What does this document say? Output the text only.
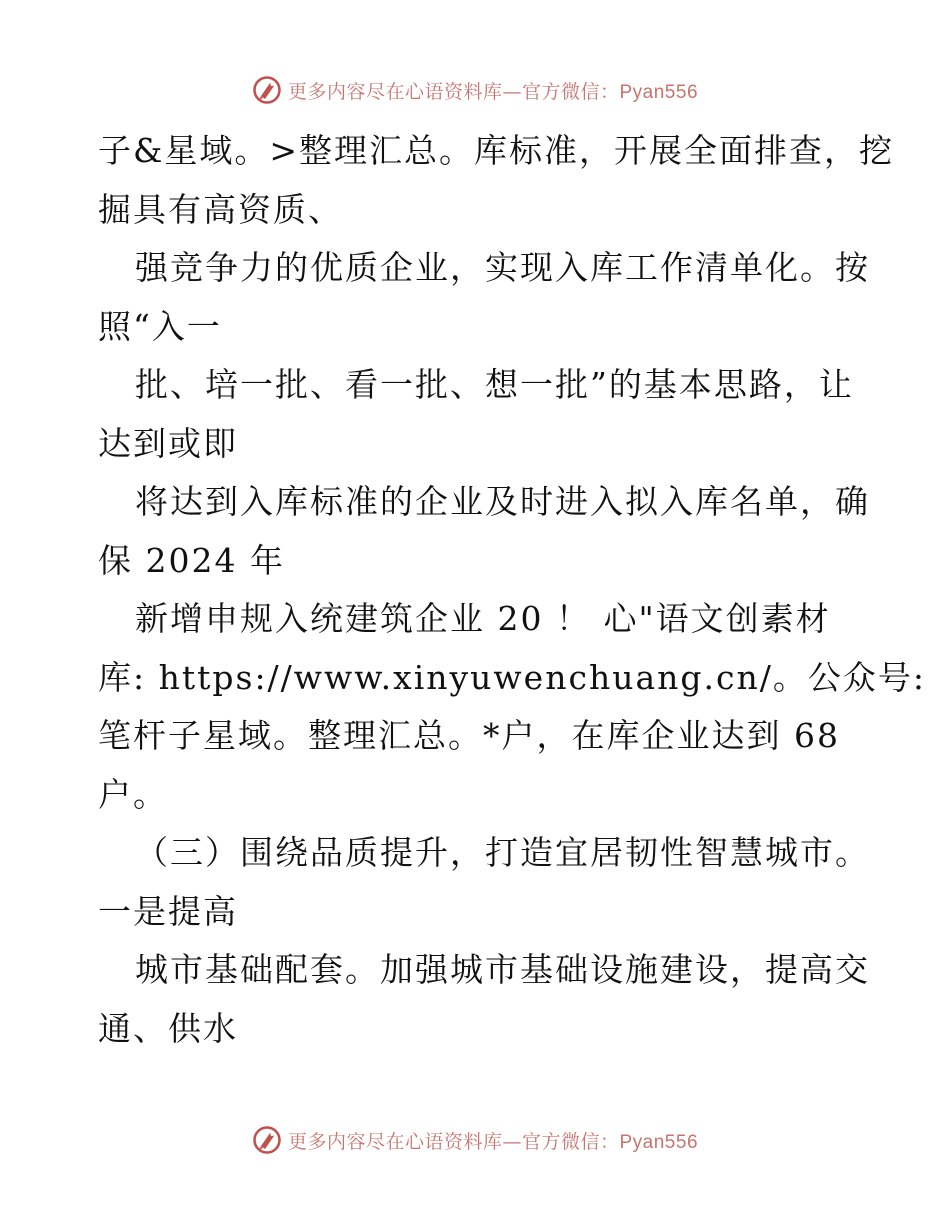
更多内容尽在心语资料库—官方微信：Pyan556
子&星域。>整理汇总。库标准，开展全面排查，挖
掘具有高资质、
强竞争力的优质企业，实现入库工作清单化。按
照“入一
批、培一批、看一批、想一批”的基本思路，让
达到或即
将达到入库标准的企业及时进入拟入库名单，确
保 2024 年
新增申规入统建筑企业 20 ！ 心"语文创素材
库: https://www.xinyuwenchuang.cn/。公众号:
笔杆子星域。整理汇总。*户，在库企业达到 68
户。
（三）围绕品质提升，打造宜居韧性智慧城市。
一是提高
城市基础配套。加强城市基础设施建设，提高交
通、供水
更多内容尽在心语资料库—官方微信：Pyan556
